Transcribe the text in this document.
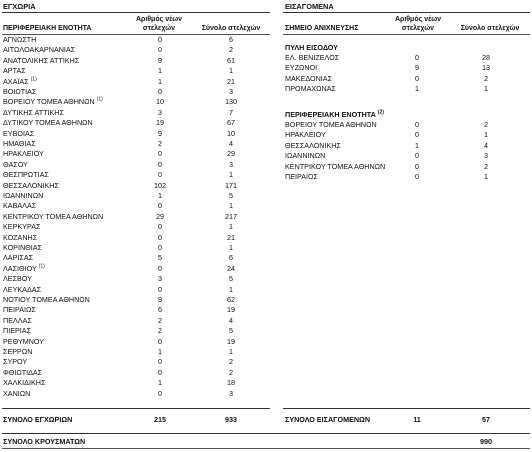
ΕΓΧΩΡΙΑ
ΠΕΡΙΦΕΡΕΙΑΚΗ ΕΝΟΤΗΤΑ
Αριθμός νέων στελεχών	Σύνολο στελεχών
ΑΓΝΩΣΤΗ	0	6
ΑΙΤΩΛΟΑΚΑΡΝΑΝΙΑΣ	0	2
ΑΝΑΤΟΛΙΚΗΣ ΑΤΤΙΚΗΣ	9	61
ΑΡΤΑΣ	1	1
ΑΧΑΪΑΣ $^{(1)}$	1	21
ΒΟΙΩΤΙΑΣ	0	3
ΒΟΡΕΙΟΥ ΤΟΜΕΑ ΑΘΗΝΩΝ $^{(1)}$	10	130
ΔΥΤΙΚΗΣ ΑΤΤΙΚΗΣ	3	7
ΔΥΤΙΚΟΥ ΤΟΜΕΑ ΑΘΗΝΩΝ	19	67
ΕΥΒΟΙΑΣ	9	10
ΗΜΑΘΙΑΣ	2	4
ΗΡΑΚΛΕΙΟΥ	0	29
ΘΑΣΟΥ	0	3
ΘΕΣΠΡΩΤΙΑΣ	0	1
ΘΕΣΣΑΛΟΝΙΚΗΣ	102	171
ΙΩΑΝΝΙΝΩΝ	1	5
ΚΑΒΑΛΑΣ	0	1
ΚΕΝΤΡΙΚΟΥ ΤΟΜΕΑ ΑΘΗΝΩΝ	29	217
ΚΕΡΚΥΡΑΣ	0	1
ΚΟΖΑΝΗΣ	0	21
ΚΟΡΙΝΘΙΑΣ	0	1
ΛΑΡΙΣΑΣ	5	6
ΛΑΣΙΘΙΟΥ $^{(1)}$	0	24
ΛΕΣΒΟΥ	3	5
ΛΕΥΚΑΔΑΣ	0	1
ΝΟΤΙΟΥ ΤΟΜΕΑ ΑΘΗΝΩΝ	9	62
ΠΕΙΡΑΙΩΣ	6	19
ΠΕΛΛΑΣ	2	4
ΠΙΕΡΙΑΣ	2	5
ΡΕΘΥΜΝΟΥ	0	19
ΣΕΡΡΩΝ	1	1
ΣΥΡΟΥ	0	2
ΦΘΙΩΤΙΔΑΣ	0	2
ΧΑΛΚΙΔΙΚΗΣ	1	18
ΧΑΝΙΩΝ	0	3
ΣΥΝΟΛΟ ΕΓΧΩΡΙΩΝ	215	933
ΕΙΣΑΓΟΜΕΝΑ
ΣΗΜΕΙΟ ΑΝΙΧΝΕΥΣΗΣ
Αριθμός νέων στελεχών	Σύνολο στελεχών
ΠΥΛΗ ΕΙΣΟΔΟΥ
ΕΛ. ΒΕΝΙΖΕΛΟΣ	0	28
ΕΥΖΩΝΟΙ	9	13
ΜΑΚΕΔΟΝΙΑΣ	0	2
ΠΡΟΜΑΧΩΝΑΣ	1	1
ΠΕΡΙΦΕΡΕΙΑΚΗ ΕΝΟΤΗΤΑ $^{(2)}$
ΒΟΡΕΙΟΥ ΤΟΜΕΑ ΑΘΗΝΩΝ	0	2
ΗΡΑΚΛΕΙΟΥ	0	1
ΘΕΣΣΑΛΟΝΙΚΗΣ	1	4
ΙΩΑΝΝΙΝΩΝ	0	3
ΚΕΝΤΡΙΚΟΥ ΤΟΜΕΑ ΑΘΗΝΩΝ	0	2
ΠΕΙΡΑΙΩΣ	0	1
ΣΥΝΟΛΟ ΕΙΣΑΓΟΜΕΝΩΝ	11	57
ΣΥΝΟΛΟ ΚΡΟΥΣΜΑΤΩΝ	990
